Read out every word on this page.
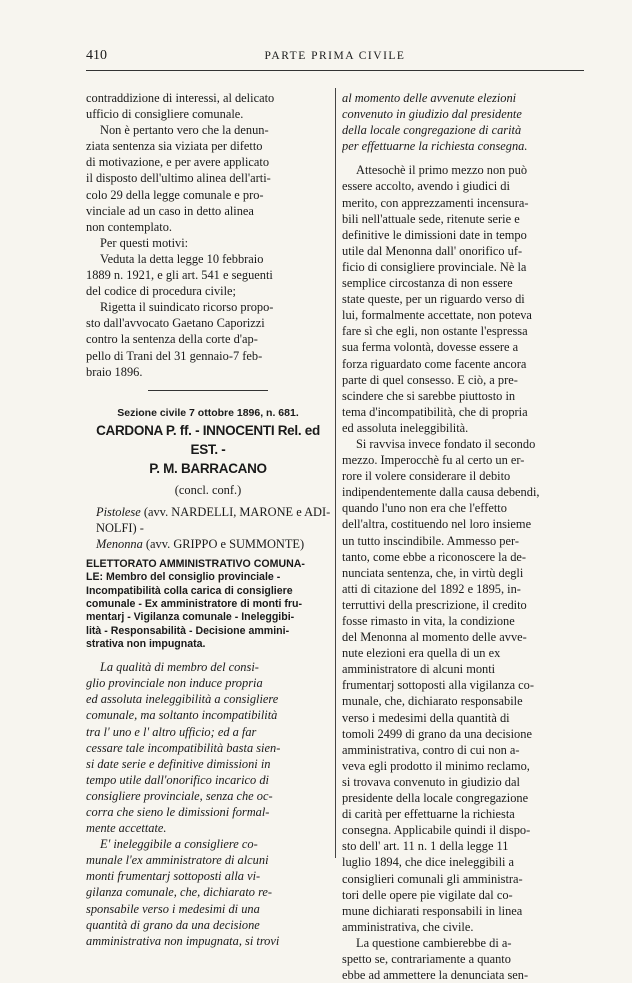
410	PARTE PRIMA CIVILE
contraddizione di interessi, al delicato
ufficio di consigliere comunale.
Non è pertanto vero che la denun-
ziata sentenza sia viziata per difetto
di motivazione, e per avere applicato
il disposto dell'ultimo alinea dell'arti-
colo 29 della legge comunale e pro-
vinciale ad un caso in detto alinea
non contemplato.
Per questi motivi:
Veduta la detta legge 10 febbraio
1889 n. 1921, e gli art. 541 e seguenti
del codice di procedura civile;
Rigetta il suindicato ricorso propo-
sto dall'avvocato Gaetano Caporizzi
contro la sentenza della corte d'ap-
pello di Trani del 31 gennaio-7 feb-
braio 1896.
Sezione civile 7 ottobre 1896, n. 681.
CARDONA P. ff. - INNOCENTI Rel. ed EST. -
P. M. BARRACANO
(concl. conf.)
Pistolese (avv. NARDELLI, MARONE e ADI-
NOLFI) -
Menonna (avv. GRIPPO e SUMMONTE)
ELETTORATO AMMINISTRATIVO COMUNA-
LE: Membro del consiglio provinciale -
Incompatibilità colla carica di consigliere
comunale - Ex amministratore di monti fru-
mentarj - Vigilanza comunale - Ineleggibi-
lità - Responsabilità - Decisione ammini-
strativa non impugnata.
La qualità di membro del consi-
glio provinciale non induce propria
ed assoluta ineleggibilità a consigliere
comunale, ma soltanto incompatibilità
tra l' uno e l' altro ufficio; ed a far
cessare tale incompatibilità basta sien-
si date serie e definitive dimissioni in
tempo utile dall'onorifico incarico di
consigliere provinciale, senza che oc-
corra che sieno le dimissioni formal-
mente accettate.
E' ineleggibile a consigliere co-
munale l'ex amministratore di alcuni
monti frumentarj sottoposti alla vi-
gilanza comunale, che, dichiarato re-
sponsabile verso i medesimi di una
quantità di grano da una decisione
amministrativa non impugnata, si trovi
al momento delle avvenute elezioni
convenuto in giudizio dal presidente
della locale congregazione di carità
per effettuarne la richiesta consegna.
Attesochè il primo mezzo non può
essere accolto, avendo i giudici di
merito, con apprezzamenti incensura-
bili nell'attuale sede, ritenute serie e
definitive le dimissioni date in tempo
utile dal Menonna dall' onorifico uf-
ficio di consigliere provinciale. Nè la
semplice circostanza di non essere
state queste, per un riguardo verso di
lui, formalmente accettate, non poteva
fare sì che egli, non ostante l'espressa
sua ferma volontà, dovesse essere a
forza riguardato come facente ancora
parte di quel consesso. E ciò, a pre-
scindere che si sarebbe piuttosto in
tema d'incompatibilità, che di propria
ed assoluta ineleggibilità.
Si ravvisa invece fondato il secondo
mezzo. Imperocchè fu al certo un er-
rore il volere considerare il debito
indipendentemente dalla causa debendi,
quando l'uno non era che l'effetto
dell'altra, costituendo nel loro insieme
un tutto inscindibile. Ammesso per-
tanto, come ebbe a riconoscere la de-
nunciata sentenza, che, in virtù degli
atti di citazione del 1892 e 1895, in-
terruttivi della prescrizione, il credito
fosse rimasto in vita, la condizione
del Menonna al momento delle avve-
nute elezioni era quella di un ex
amministratore di alcuni monti
frumentarj sottoposti alla vigilanza co-
munale, che, dichiarato responsabile
verso i medesimi della quantità di
tomoli 2499 di grano da una decisione
amministrativa, contro di cui non a-
veva egli prodotto il minimo reclamo,
si trovava convenuto in giudizio dal
presidente della locale congregazione
di carità per effettuarne la richiesta
consegna. Applicabile quindi il dispo-
sto dell' art. 11 n. 1 della legge 11
luglio 1894, che dice ineleggibili a
consiglieri comunali gli amministra-
tori delle opere pie vigilate dal co-
mune dichiarati responsabili in linea
amministrativa, che civile.
La questione cambierebbe di a-
spetto se, contrariamente a quanto
ebbe ad ammettere la denunciata sen-
